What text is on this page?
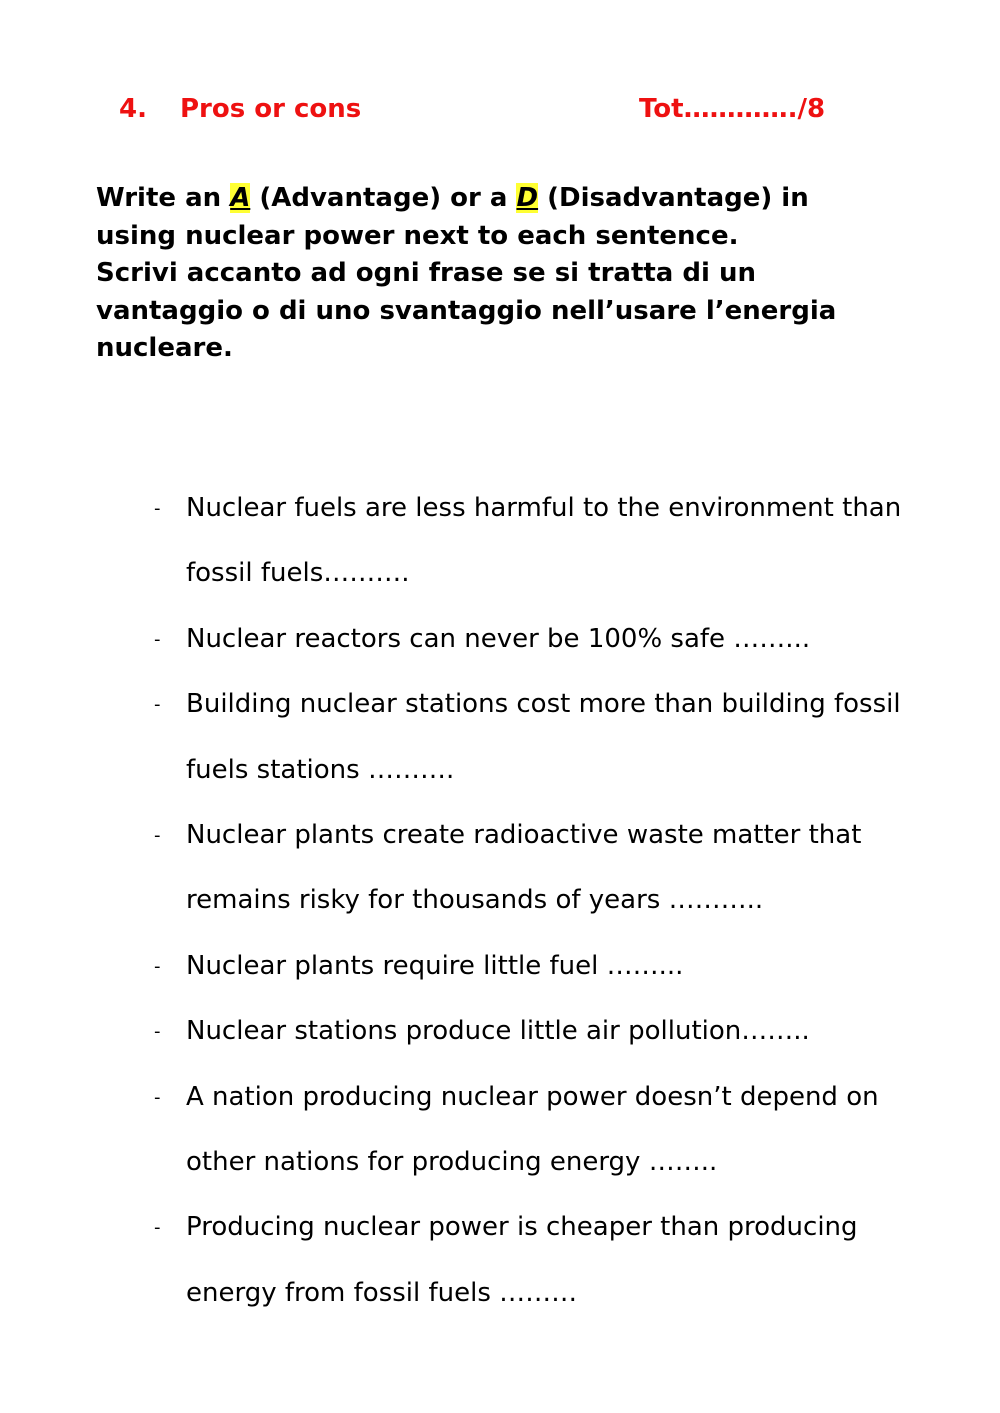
4. Pros or cons	Tot…………./8

Write an A (Advantage) or a D (Disadvantage) in using nuclear power next to each sentence.

Scrivi accanto ad ogni frase se si tratta di un vantaggio o di uno svantaggio nell’usare l’energia nucleare.

- Nuclear fuels are less harmful to the environment than fossil fuels……….
- Nuclear reactors can never be 100% safe ……...
- Building nuclear stations cost more than building fossil fuels stations ……….
- Nuclear plants create radioactive waste matter that remains risky for thousands of years ………..
- Nuclear plants require little fuel ……...
- Nuclear stations produce little air pollution……..
- A nation producing nuclear power doesn’t depend on other nations for producing energy ……..
- Producing nuclear power is cheaper than producing energy from fossil fuels ………
